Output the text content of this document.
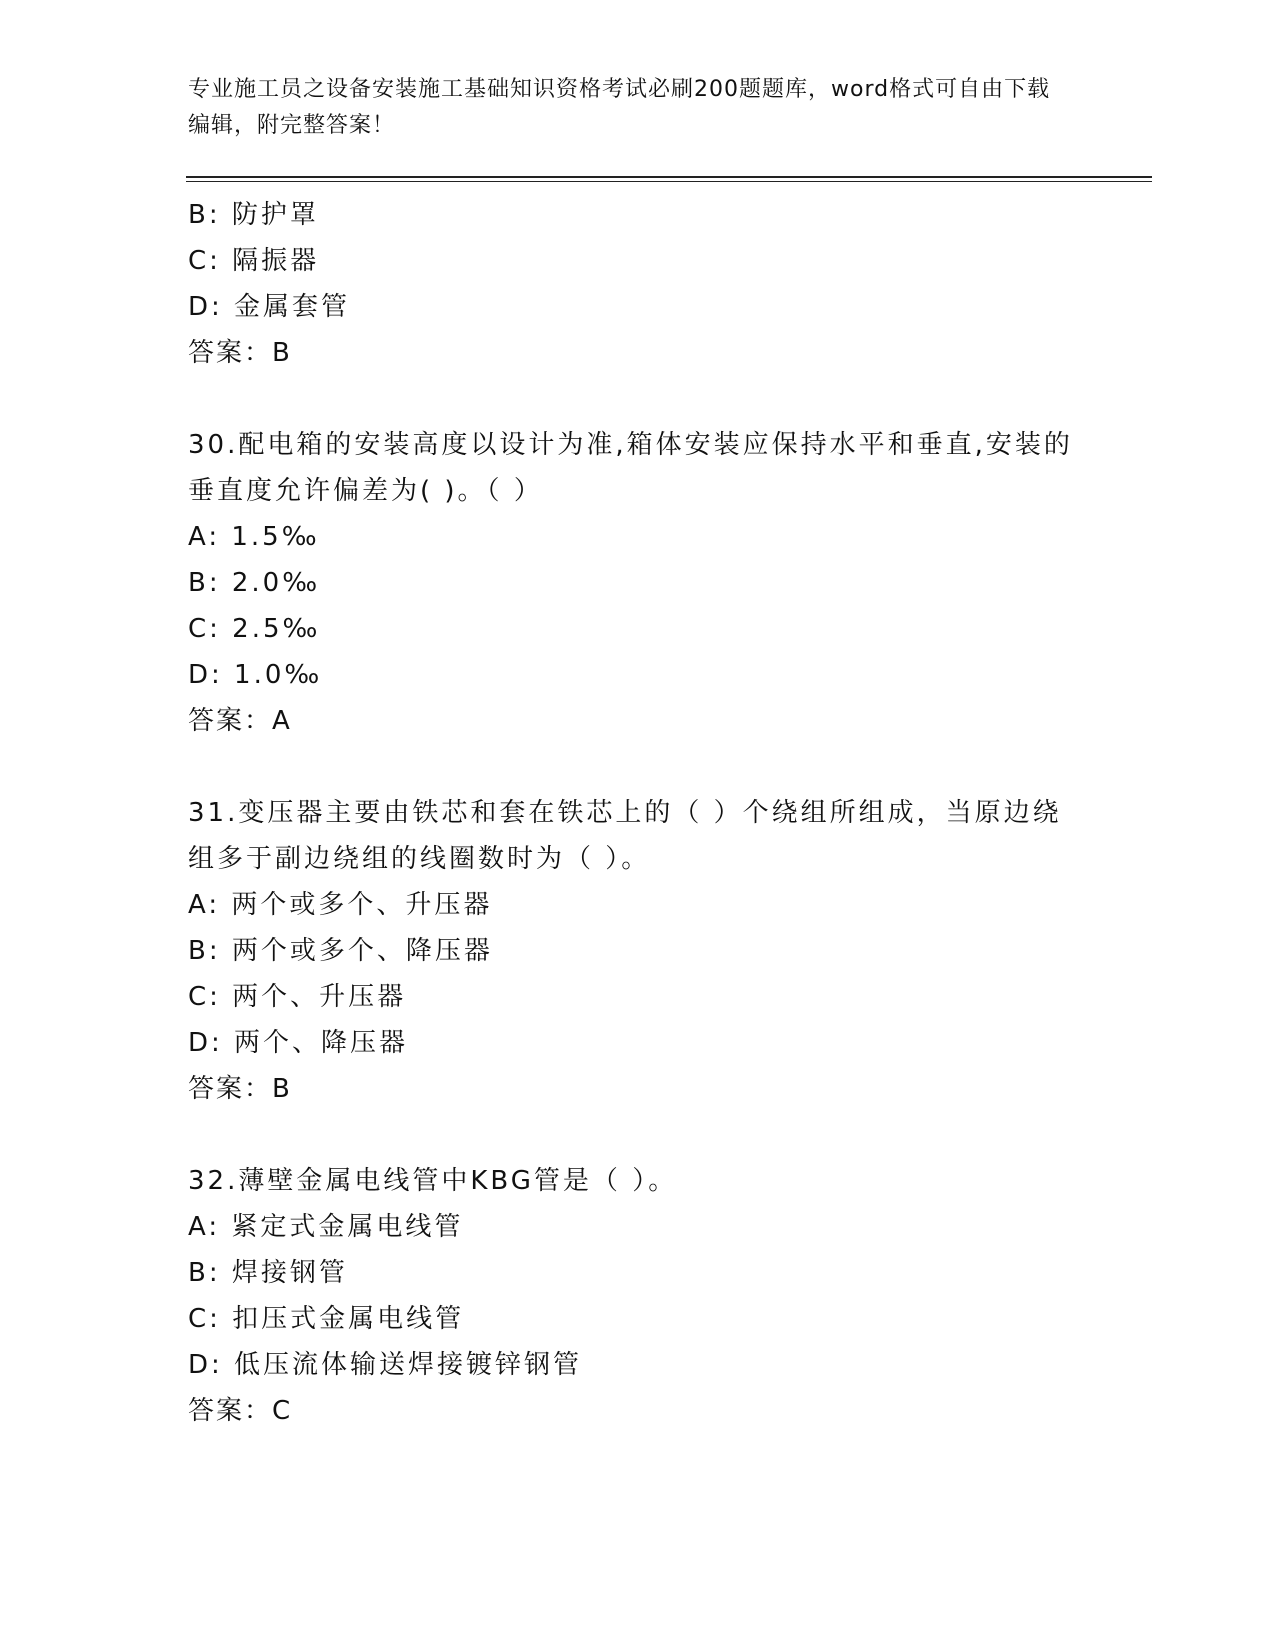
专业施工员之设备安装施工基础知识资格考试必刷200题题库，word格式可自由下载编辑，附完整答案！

B: 防护罩

C: 隔振器

D: 金属套管

答案：B

30.配电箱的安装高度以设计为准,箱体安装应保持水平和垂直,安装的垂直度允许偏差为( )。（ ）

A: 1.5‰

B: 2.0‰

C: 2.5‰

D: 1.0‰

答案：A

31.变压器主要由铁芯和套在铁芯上的（ ）个绕组所组成，当原边绕组多于副边绕组的线圈数时为（ ）。

A: 两个或多个、升压器

B: 两个或多个、降压器

C: 两个、升压器

D: 两个、降压器

答案：B

32.薄壁金属电线管中KBG管是（ ）。

A: 紧定式金属电线管

B: 焊接钢管

C: 扣压式金属电线管

D: 低压流体输送焊接镀锌钢管

答案：C
